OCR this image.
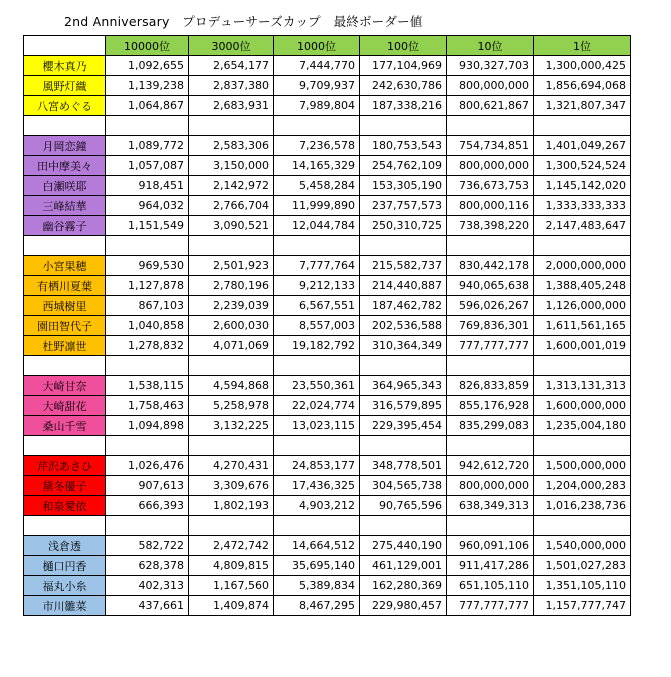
2nd Anniversary　プロデューサーズカップ　最終ボーダー値
	10000位	3000位	1000位	100位	10位	1位
櫻木真乃	1,092,655	2,654,177	7,444,770	177,104,969	930,327,703	1,300,000,425
風野灯織	1,139,238	2,837,380	9,709,937	242,630,786	800,000,000	1,856,694,068
八宮めぐる	1,064,867	2,683,931	7,989,804	187,338,216	800,621,867	1,321,807,347

月岡恋鐘	1,089,772	2,583,306	7,236,578	180,753,543	754,734,851	1,401,049,267
田中摩美々	1,057,087	3,150,000	14,165,329	254,762,109	800,000,000	1,300,524,524
白瀬咲耶	918,451	2,142,972	5,458,284	153,305,190	736,673,753	1,145,142,020
三峰結華	964,032	2,766,704	11,999,890	237,757,573	800,000,116	1,333,333,333
幽谷霧子	1,151,549	3,090,521	12,044,784	250,310,725	738,398,220	2,147,483,647

小宮果穂	969,530	2,501,923	7,777,764	215,582,737	830,442,178	2,000,000,000
有栖川夏葉	1,127,878	2,780,196	9,212,133	214,440,887	940,065,638	1,388,405,248
西城樹里	867,103	2,239,039	6,567,551	187,462,782	596,026,267	1,126,000,000
園田智代子	1,040,858	2,600,030	8,557,003	202,536,588	769,836,301	1,611,561,165
杜野凛世	1,278,832	4,071,069	19,182,792	310,364,349	777,777,777	1,600,001,019

大崎甘奈	1,538,115	4,594,868	23,550,361	364,965,343	826,833,859	1,313,131,313
大崎甜花	1,758,463	5,258,978	22,024,774	316,579,895	855,176,928	1,600,000,000
桑山千雪	1,094,898	3,132,225	13,023,115	229,395,454	835,299,083	1,235,004,180

芹沢あさひ	1,026,476	4,270,431	24,853,177	348,778,501	942,612,720	1,500,000,000
黛冬優子	907,613	3,309,676	17,436,325	304,565,738	800,000,000	1,204,000,283
和泉愛依	666,393	1,802,193	4,903,212	90,765,596	638,349,313	1,016,238,736

浅倉透	582,722	2,472,742	14,664,512	275,440,190	960,091,106	1,540,000,000
樋口円香	628,378	4,809,815	35,695,140	461,129,001	911,417,286	1,501,027,283
福丸小糸	402,313	1,167,560	5,389,834	162,280,369	651,105,110	1,351,105,110
市川雛菜	437,661	1,409,874	8,467,295	229,980,457	777,777,777	1,157,777,747
